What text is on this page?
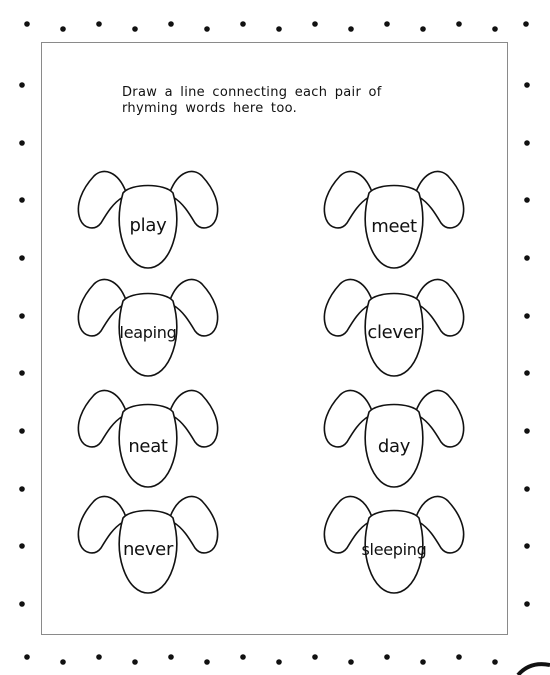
Draw a line connecting each pair of rhyming words here too.

play
leaping
neat
never
meet
clever
day
sleeping
